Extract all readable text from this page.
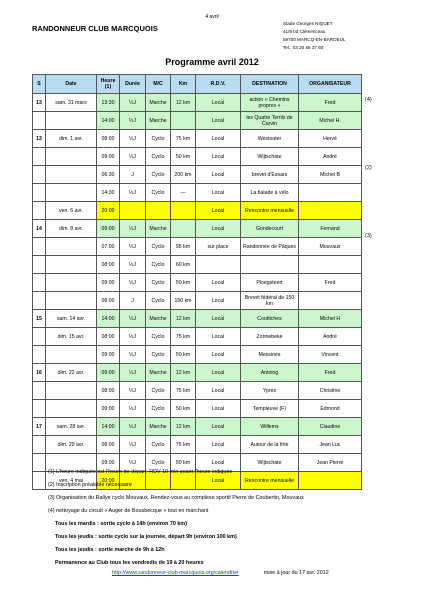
4 avril
RANDONNEUR CLUB MARCQUOIS
Stade Georges NIQUET
41/9 bd Clémenceau
59700 MARCQ-EN-BAROEUL
Tel.: 03 20 55 37 60
Programme avril 2012
S	Date	Heure (1)	Durée	M/C	Km	R.D.V.	DESTINATION	ORGANISATEUR
13	sam. 31 mars	13:30	½J	Marche	12 km	Local	action « Chemins propres »	Fred
		14:00	½J	Marche		Local	les Quatre Terrils de Carvin	Michel H.
13	dim. 1 avr.	08:00	½J	Cyclo	75 km	Local	Westouter	Hervé
		09:00	½J	Cyclo	50 km	Local	Wijtschate	André
		06:30	J	Cyclo	200 km	Local	brevet d'Essars	Michel B
		14:30	½J	Cyclo	—	Local	La balade à vélo	
	ven. 6 avr.	20:00				Local	Rencontre mensuelle	
14	dim. 8 avr.	09:00	½J	Marche		Local	Gondecourt	Fernand
		07:00	½J	Cyclo	95 km	sur place	Randonnée de Pâques	Mouvaux
		08:00	½J	Cyclo	60 km			
		09:00	½J	Cyclo	50 km	Local	Ploegsteert	Fred
		08:00	J	Cyclo	150 km	Local	Brevet fédéral de 150 km	
15	sam. 14 avr.	14:00	½J	Marche	12 km	Local	Couttiches	Michel H
	dim. 15 avr.	08:00	½J	Cyclo	75 km	Local	Zonnebeke	André
		09:00	½J	Cyclo	50 km	Local	Messines	Vincent
16	dim. 22 avr.	09:00	½J	Marche	12 km	Local	Antoing	Fred
		08:00	½J	Cyclo	75 km	Local	Ypres	Christine
		09:00	½J	Cyclo	50 km	Local	Templeuve (F)	Edmond
17	sam. 28 avr.	14:00	½J	Marche	12 km	Local	Willems	Claudine
	dim. 29 avr.	08:00	½J	Cyclo	75 km	Local	Autour de la frite	Jean Luc
		09:00	½J	Cyclo	50 km	Local	Wijtschate	Jean Pierre
	ven. 4 mai	20:00				Local	Rencontre mensuelle	
(4)
(2)
(3)
(1) L'heure indiquée est l'heure de départ. RDV 10 min avant l'heure indiquée
(2) Inscription préalable nécessaire
(3) Organisation du Rallye cyclo Mouvaux. Rendez-vous au complexe sportif Pierre de Coubertin, Mouvaux
(4) nettoyage du circuit « Auger de Bousbecque » tout en marchant
Tous les mardis : sortie cyclo à 14h (environ 70 km)
Tous les jeudis : sortie cyclo sur la journée, départ 9h (environ 100 km)
Tous les jeudis : sortie marche de 9h à 12h
Permanence au Club tous les vendredis de 19 à 20 heures
http://www.randonneur-club-marcquois.org/calendrier	mise à jour du 17 avr. 2012
